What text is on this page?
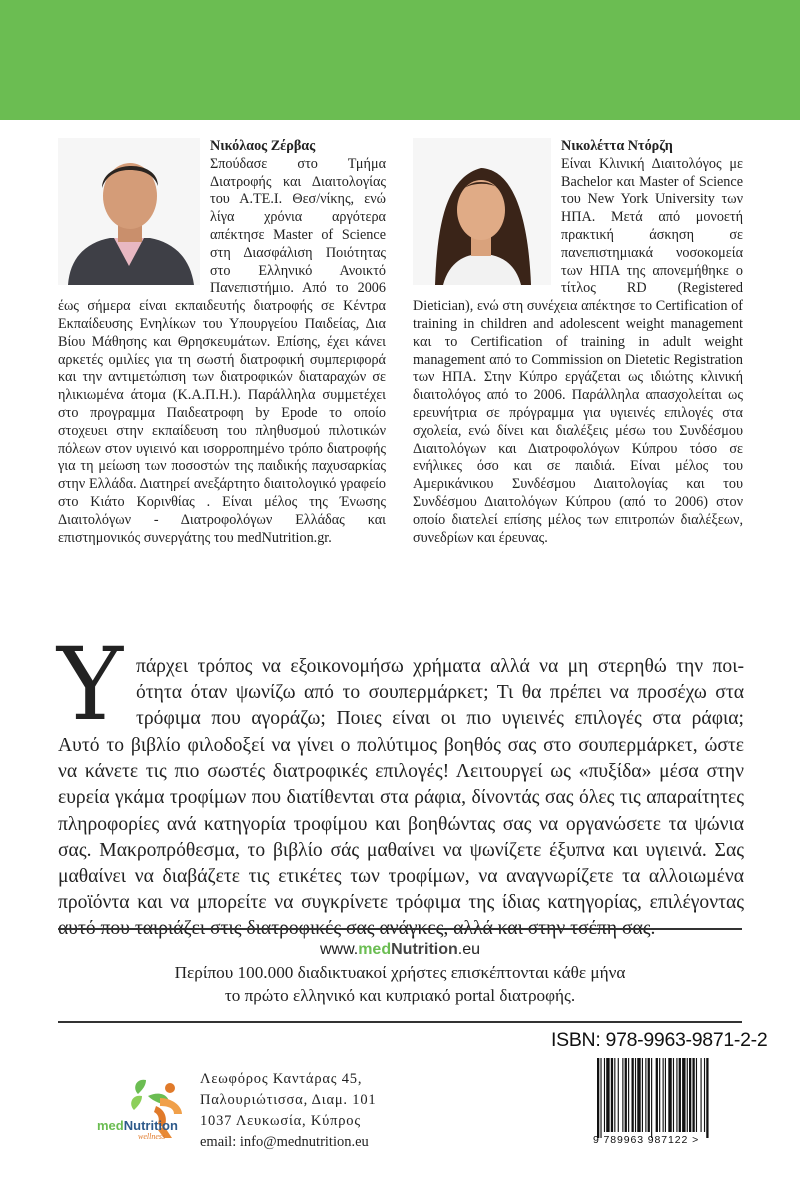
Νικόλαος Ζέρβας

Σπούδασε στο Τμήμα Διατροφής και Διαιτολογίας του Α.ΤΕ.Ι. Θεσ/νίκης, ενώ λίγα χρόνια αργότερα απέκτησε Master of Science στη Διασφάλιση Ποιότητας στο Ελληνικό Ανοικτό Πανεπιστήμιο. Από το 2006 έως σήμερα είναι εκπαιδευτής διατροφής σε Κέντρα Εκπαίδευσης Ενηλίκων του Υπουργείου Παιδείας, Δια Βίου Μάθησης και Θρησκευμάτων. Επίσης, έχει κάνει αρκετές ομιλίες για τη σωστή διατροφική συμπεριφορά και την αντιμετώπιση των διατροφικών διαταραχών σε ηλικιωμένα άτομα (Κ.Α.Π.Η.). Παράλληλα συμμετέχει στο προγραμμα Παιδεατροφη by Epode το οποίο στοχευει στην εκπαίδευση του πληθυσμού πιλοτικών πόλεων στον υγιεινό και ισορροπημένο τρόπο διατροφής για τη μείωση των ποσοστών της παιδικής παχυσαρκίας στην Ελλάδα. Διατηρεί ανεξάρτητο διαιτολογικό γραφείο στο Κιάτο Κορινθίας . Είναι μέλος της Ένωσης Διαιτολόγων - Διατροφολόγων Ελλάδας και επιστημονικός συνεργάτης του medNutrition.gr.

Νικολέττα Ντόρζη

Είναι Κλινική Διαιτολόγος με Bachelor και Master of Science του New York University των ΗΠΑ. Μετά από μονοετή πρακτική άσκηση σε πανεπιστημιακά νοσοκομεία των ΗΠΑ της απονεμήθηκε ο τίτλος RD (Registered Dietician), ενώ στη συνέχεια απέκτησε το Certification of training in children and adolescent weight management και το Certification of training in adult weight management από το Commission on Dietetic Registration των ΗΠΑ. Στην Κύπρο εργάζεται ως ιδιώτης κλινική διαιτολόγος από το 2006. Παράλληλα απασχολείται ως ερευνήτρια σε πρόγραμμα για υγιεινές επιλογές στα σχολεία, ενώ δίνει και διαλέξεις μέσω του Συνδέσμου Διαιτολόγων και Διατροφολόγων Κύπρου τόσο σε ενήλικες όσο και σε παιδιά. Είναι μέλος του Αμερικάνικου Συνδέσμου Διαιτολογίας και του Συνδέσμου Διαιτολόγων Κύπρου (από το 2006) στον οποίο διατελεί επίσης μέλος των επιτροπών διαλέξεων, συνεδρίων και έρευνας.

Υ πάρχει τρόπος να εξοικονομήσω χρήματα αλλά να μη στερηθώ την ποι-
ότητα όταν ψωνίζω από το σουπερμάρκετ; Τι θα πρέπει να προσέχω στα
τρόφιμα που αγοράζω; Ποιες είναι οι πιο υγιεινές επιλογές στα ράφια;
Αυτό το βιβλίο φιλοδοξεί να γίνει ο πολύτιμος βοηθός σας στο σουπερμάρκετ, ώστε να κάνετε τις πιο σωστές διατροφικές επιλογές! Λειτουργεί ως «πυξίδα» μέσα στην ευρεία γκάμα τροφίμων που διατίθενται στα ράφια, δίνοντάς σας όλες τις απαραίτητες πληροφορίες ανά κατηγορία τροφίμου και βοηθώντας σας να οργανώσετε τα ψώνια σας. Μακροπρόθεσμα, το βιβλίο σάς μαθαίνει να ψωνίζετε έξυπνα και υγιεινά. Σας μαθαίνει να διαβάζετε τις ετικέτες των τροφίμων, να αναγνωρίζετε τα αλλοιωμένα προϊόντα και να μπορείτε να συγκρίνετε τρόφιμα της ίδιας κατηγορίας, επιλέγοντας αυτό που ταιριάζει στις διατροφικές σας ανάγκες, αλλά και στην τσέπη σας.
www.medNutrition.eu
Περίπου 100.000 διαδικτυακοί χρήστες επισκέπτονται κάθε μήνα
το πρώτο ελληνικό και κυπριακό portal διατροφής.
medNutrition
wellness
Λεωφόρος Καντάρας 45,
Παλουριώτισσα, Διαμ. 101
1037 Λευκωσία, Κύπρος
email: info@mednutrition.eu
ISBN: 978-9963-9871-2-2
9 789963 987122 >
